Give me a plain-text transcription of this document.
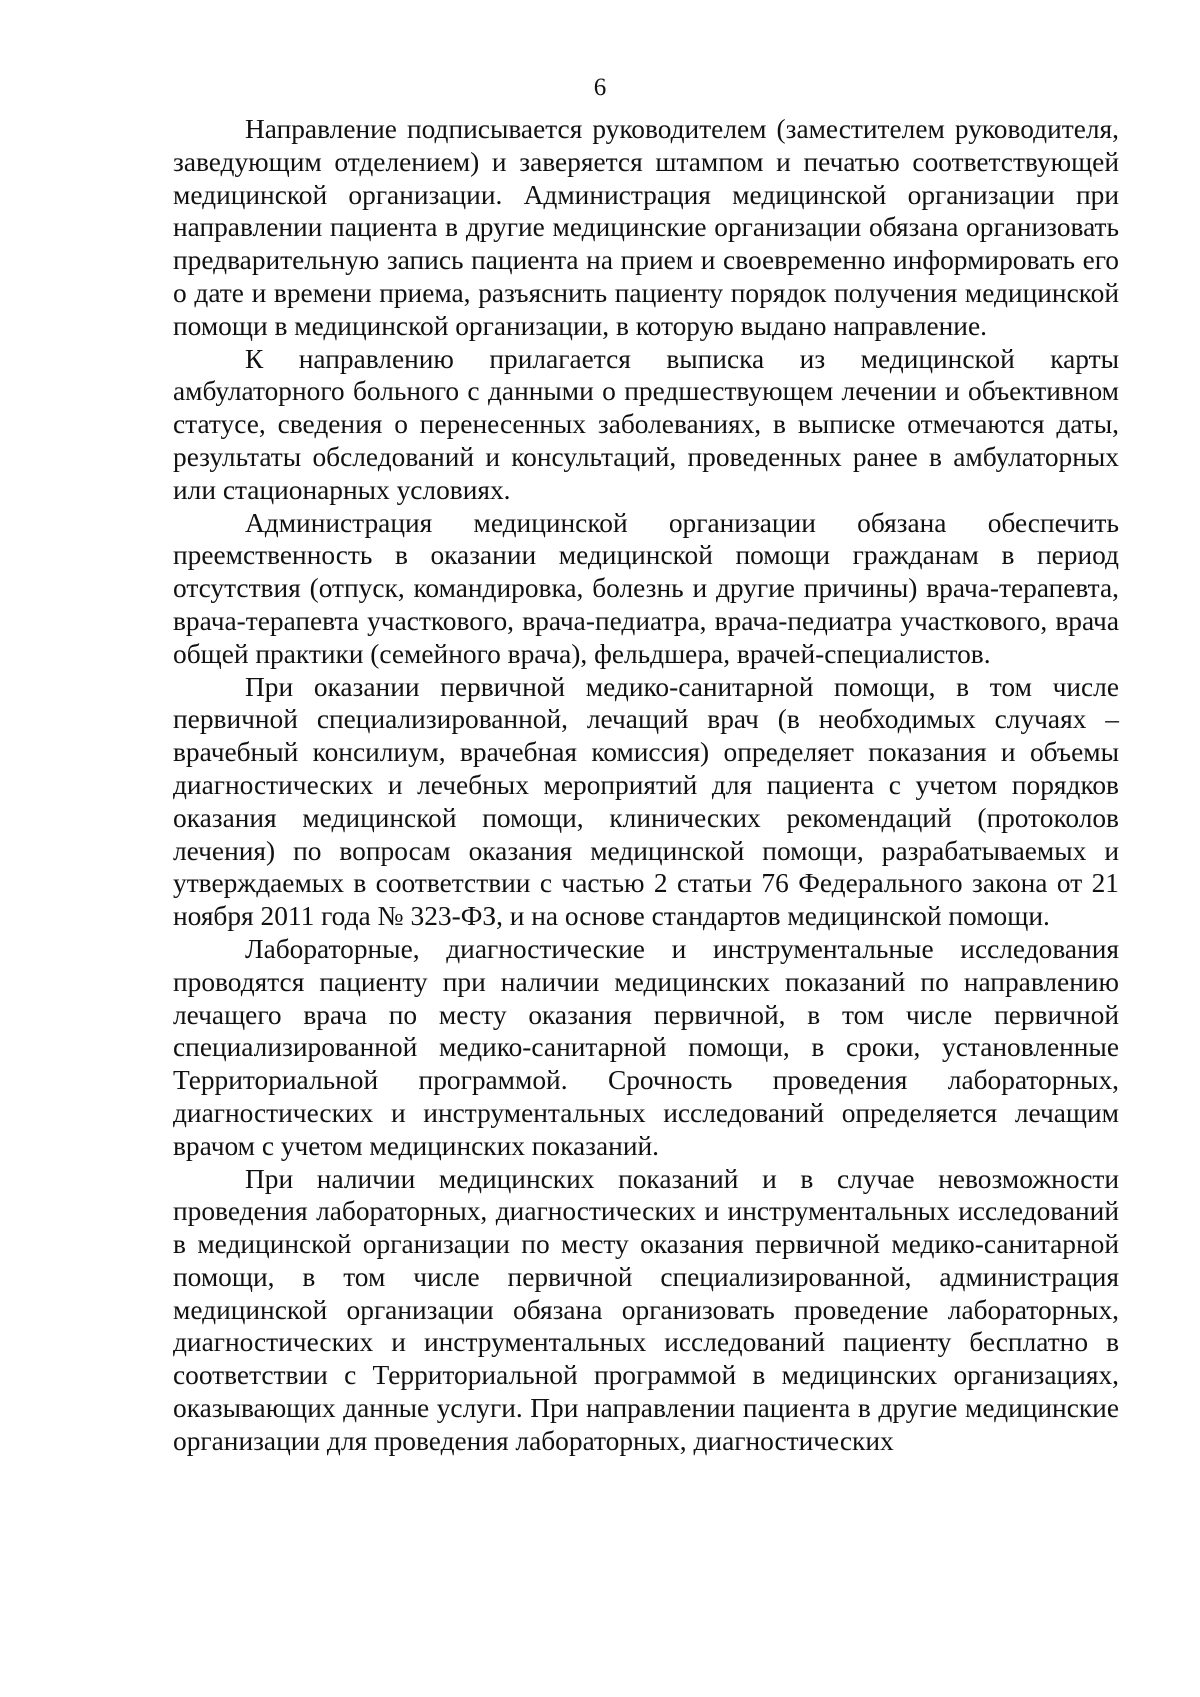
6

Направление подписывается руководителем (заместителем руководителя, заведующим отделением) и заверяется штампом и печатью соответствующей медицинской организации. Администрация медицинской организации при направлении пациента в другие медицинские организации обязана организовать предварительную запись пациента на прием и своевременно информировать его о дате и времени приема, разъяснить пациенту порядок получения медицинской помощи в медицинской организации, в которую выдано направление.

К направлению прилагается выписка из медицинской карты амбулаторного больного с данными о предшествующем лечении и объективном статусе, сведения о перенесенных заболеваниях, в выписке отмечаются даты, результаты обследований и консультаций, проведенных ранее в амбулаторных или стационарных условиях.

Администрация медицинской организации обязана обеспечить преемственность в оказании медицинской помощи гражданам в период отсутствия (отпуск, командировка, болезнь и другие причины) врача-терапевта, врача-терапевта участкового, врача-педиатра, врача-педиатра участкового, врача общей практики (семейного врача), фельдшера, врачей-специалистов.

При оказании первичной медико-санитарной помощи, в том числе первичной специализированной, лечащий врач (в необходимых случаях – врачебный консилиум, врачебная комиссия) определяет показания и объемы диагностических и лечебных мероприятий для пациента с учетом порядков оказания медицинской помощи, клинических рекомендаций (протоколов лечения) по вопросам оказания медицинской помощи, разрабатываемых и утверждаемых в соответствии с частью 2 статьи 76 Федерального закона от 21 ноября 2011 года № 323-ФЗ, и на основе стандартов медицинской помощи.

Лабораторные, диагностические и инструментальные исследования проводятся пациенту при наличии медицинских показаний по направлению лечащего врача по месту оказания первичной, в том числе первичной специализированной медико-санитарной помощи, в сроки, установленные Территориальной программой. Срочность проведения лабораторных, диагностических и инструментальных исследований определяется лечащим врачом с учетом медицинских показаний.

При наличии медицинских показаний и в случае невозможности проведения лабораторных, диагностических и инструментальных исследований в медицинской организации по месту оказания первичной медико-санитарной помощи, в том числе первичной специализированной, администрация медицинской организации обязана организовать проведение лабораторных, диагностических и инструментальных исследований пациенту бесплатно в соответствии с Территориальной программой в медицинских организациях, оказывающих данные услуги. При направлении пациента в другие медицинские организации для проведения лабораторных, диагностических
